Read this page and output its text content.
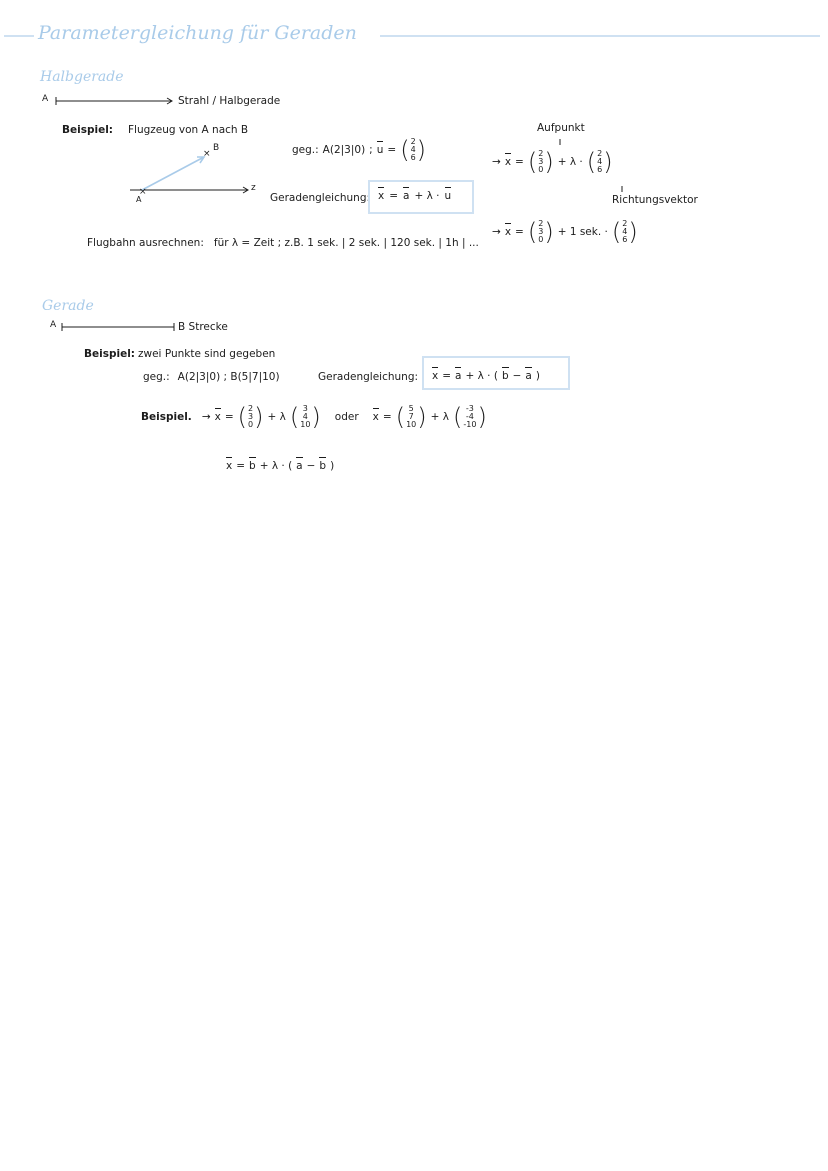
Parametergleichung für Geraden
×
×
Halbgerade
A	Strahl / Halbgerade
Beispiel: Flugzeug von A nach B
B
A
z
geg.: A(2|3|0) ; u = ( 2
4
6 )
Geradengleichung: x = a + λ · u
Aufpunkt
→ x = ( 2
3
0 ) + λ · ( 2
4
6 )
Richtungsvektor
→ x = ( 2
3
0 ) + 1 sek. · ( 2
4
6 )
Flugbahn ausrechnen: für λ = Zeit ; z.B. 1 sek. | 2 sek. | 120 sek. | 1h | ...
Gerade
A	B Strecke
Beispiel: zwei Punkte sind gegeben
geg.: A(2|3|0) ; B(5|7|10)	Geradengleichung: x = a + λ · ( b − a )
Beispiel. → x = ( 2
3
0 ) + λ ( 3
4
10 ) oder x = ( 5
7
10 ) + λ ( -3
-4
-10 )
x = b + λ · ( a − b )
